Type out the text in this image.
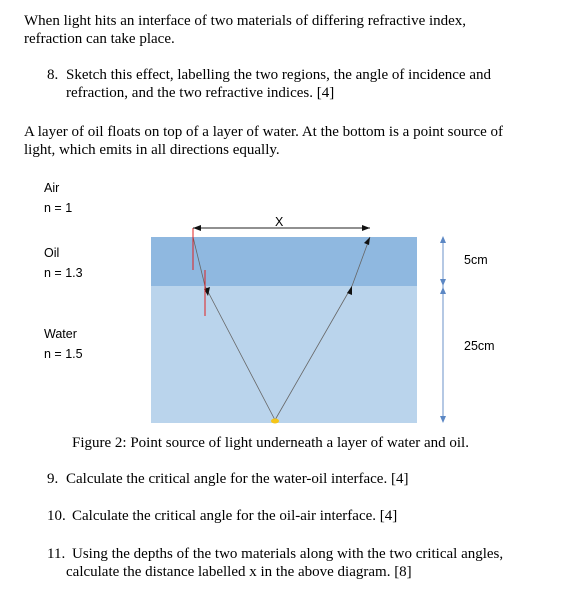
When light hits an interface of two materials of differing refractive index,

refraction can take place.

8. Sketch this effect, labelling the two regions, the angle of incidence and

refraction, and the two refractive indices. [4]

A layer of oil floats on top of a layer of water. At the bottom is a point source of

light, which emits in all directions equally.

Air

n = 1

Oil

n = 1.3

Water

n = 1.5

5cm
25cm
X
Figure 2: Point source of light underneath a layer of water and oil.
9. Calculate the critical angle for the water-oil interface. [4]
10. Calculate the critical angle for the oil-air interface. [4]
11. Using the depths of the two materials along with the two critical angles,

calculate the distance labelled x in the above diagram. [8]
